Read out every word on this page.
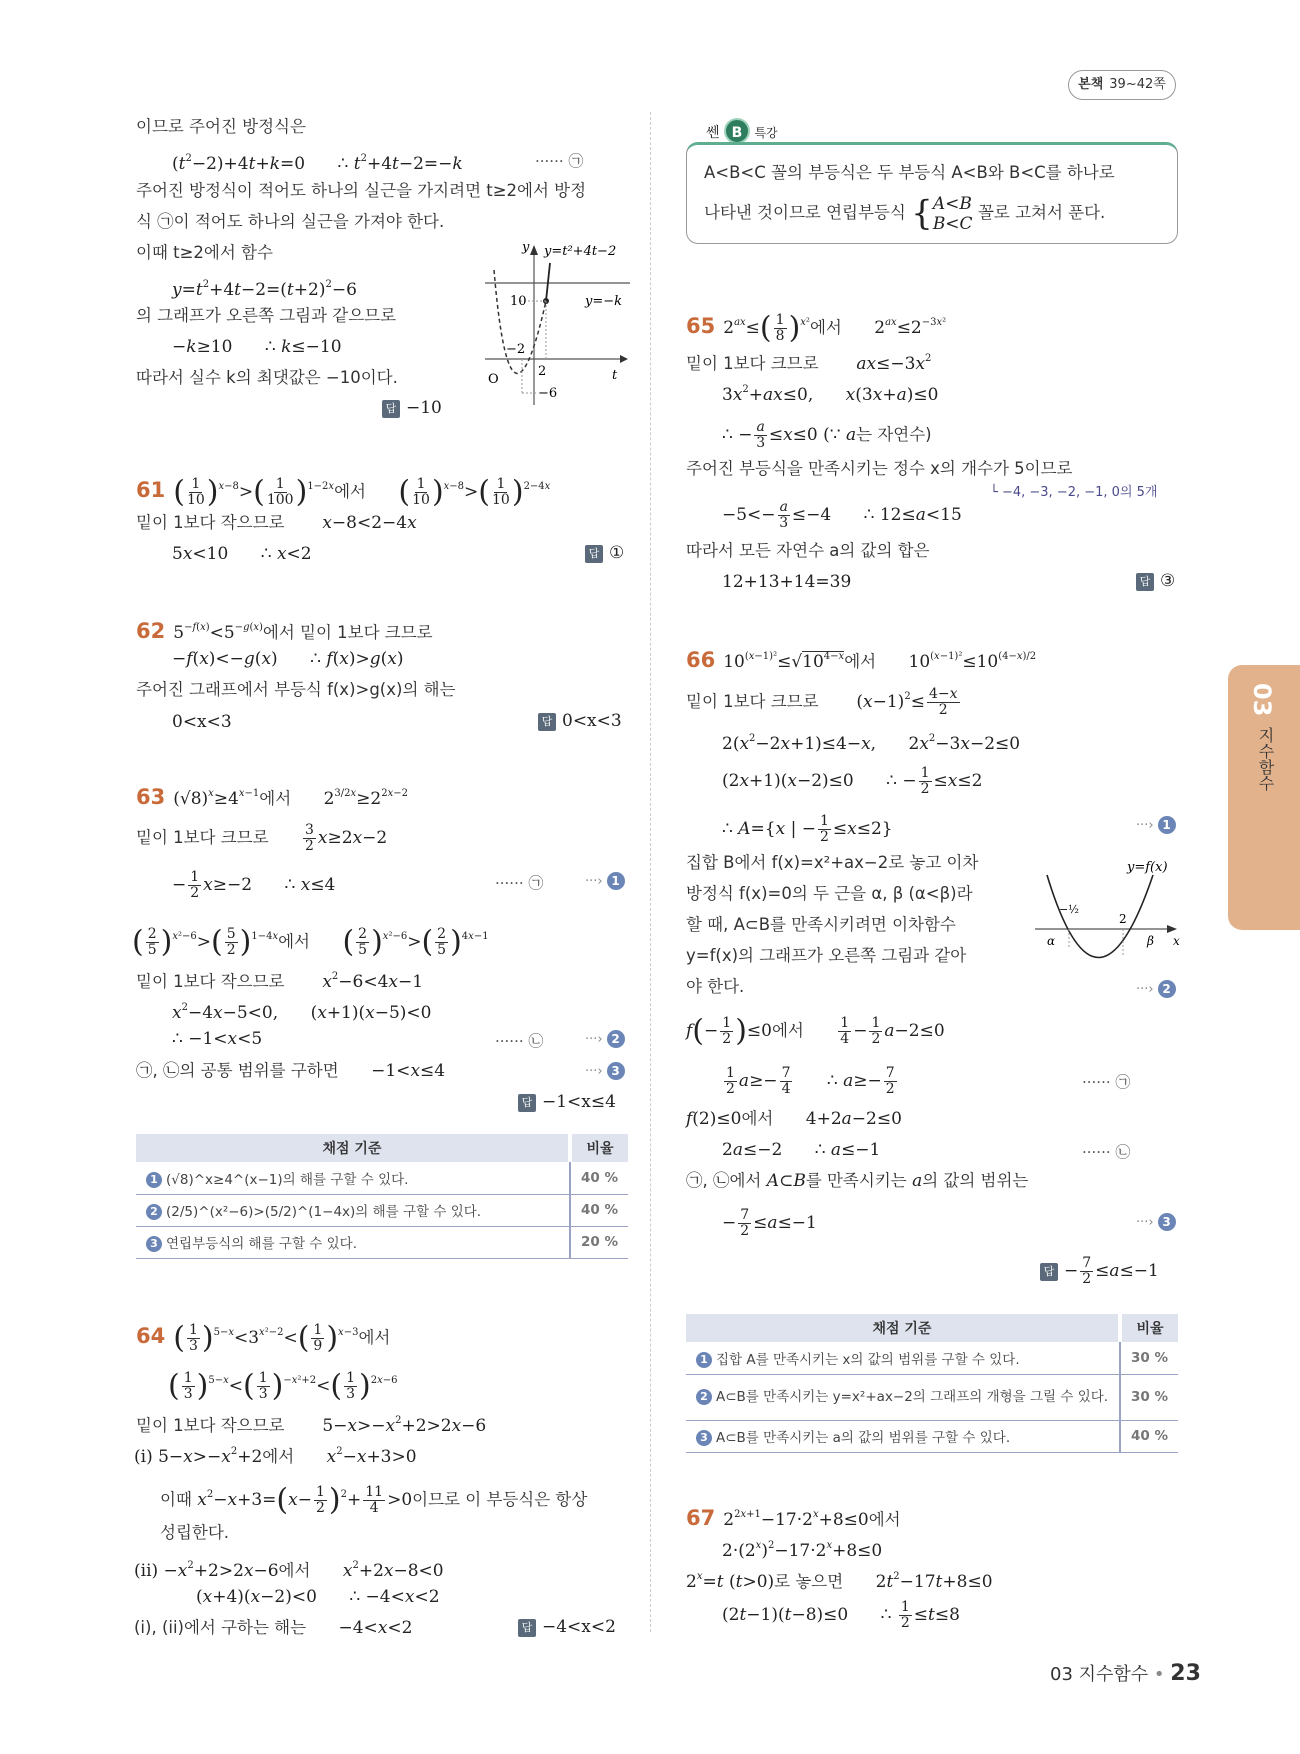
본책 39~42쪽
이므로 주어진 방정식은
$(t^2-2)+4t+k=0$      ∴ $t^2+4t-2=-k$	······ ㉠
주어진 방정식이 적어도 하나의 실근을 가지려면 t≥2에서 방정
식 ㉠이 적어도 하나의 실근을 가져야 한다.
이때 t≥2에서 함수
$y=t^2+4t-2=(t+2)^2-6$
의 그래프가 오른쪽 그림과 같으므로
−k≥10      ∴ k≤−10
따라서 실수 k의 최댓값은 −10이다.
답 −10
y y=t²+4t−2
10	y=−k
−2
2	t
O
−6
61 ( $\frac{1}{10} )^{x-8}>( \frac{1}{100} )^{1-2x}$에서 ( $\frac{1}{10} )^{x-8}>( \frac{1}{10} )^{2-4x}$
밑이 1보다 작으므로 x−8<2−4x
5x<10      ∴ x<2	답 ①
62 $5^{-f(x)}<5^{-g(x)}$에서 밑이 1보다 크므로
−f(x)<−g(x)      ∴ f(x)>g(x)
주어진 그래프에서 부등식 f(x)>g(x)의 해는
0<x<3	답 0<x<3
63 $(√8)^x\ge 4^{x-1}$에서      $2^{3/2x}\ge 2^{2x-2}$
밑이 1보다 크므로 $\frac{3}{2} x\ge 2x-2$
− $\frac{1}{2} x\ge-2$      ∴ x≤4	······ ㉠	···› 1
( $\frac{2}{5} )^{x^2-6}>( \frac{5}{2} )^{1-4x}$에서 ( $\frac{2}{5} )^{x^2-6}>( \frac{2}{5} )^{4x-1}$
밑이 1보다 작으므로 $x^2-6<4x-1$
$x^2-4x-5<0$,      (x+1)(x−5)<0
∴ −1<x<5	······ ㉡	···› 2
㉠, ㉡의 공통 범위를 구하면 −1<x≤4	···› 3
답 −1<x≤4
채점 기준	비율
1 (√8)^x≥4^(x−1)의 해를 구할 수 있다.	40 %
2 (2/5)^(x²−6)>(5/2)^(1−4x)의 해를 구할 수 있다.	40 %
3 연립부등식의 해를 구할 수 있다.	20 %
64 ( $\frac{1}{3} )^{5-x}<3^{x^2-2}<( \frac{1}{9} )^{x-3}$에서
( $\frac{1}{3} )^{5-x}<( \frac{1}{3} )^{-x^2+2}<( \frac{1}{3} )^{2x-6}$
밑이 1보다 작으므로 $5-x>-x^2+2>2x-6$
(i) $5-x>-x^2+2$에서 $x^2-x+3>0$
이때 $x^2-x+3=(x- \frac{1}{2} )^2+ \frac{11}{4} >0$이므로 이 부등식은 항상
성립한다.
$(ii) -x^2+2>2x-6$에서 $x^2+2x-8<0$
(x+4)(x−2)<0      ∴ −4<x<2
(i), (ii)에서 구하는 해는 −4<x<2	답 −4<x<2
쎈 B 특강
A<B<C 꼴의 부등식은 두 부등식 A<B와 B<C를 하나로
나타낸 것이므로 연립부등식 { A<B
B<C
꼴로 고쳐서 푼다.
65 $2^{ax}\le( \frac{1}{8} )^{x^2}$에서      $2^{ax}\le 2^{-3x^2}$
밑이 1보다 크므로 $ax\le-3x^2$
$3x^2+ax\le 0$,      x(3x+a)≤0
∴ − $\frac{a}{3} \le x\le 0$ (∵ a는 자연수)
주어진 부등식을 만족시키는 정수 x의 개수가 5이므로
└ −4, −3, −2, −1, 0의 5개
$-5<- \frac{a}{3} \le-4$      ∴ 12≤a<15
따라서 모든 자연수 a의 값의 합은
12+13+14=39	답 ③
66 $10^{(x-1)^2}\le√10^{4-x}$에서      $10^{(x-1)^2}\le 10^{(4-x)/2}$
밑이 1보다 크므로 $(x-1)^2\le \frac{4-x}{2}$
$2(x^2-2x+1)\le 4-x$,      $2x^2-3x-2\le 0$
(2x+1)(x−2)≤0      ∴ − $\frac{1}{2} \le x\le 2$
∴ A={x | − $\frac{1}{2} \le x\le 2$}	···› 1
집합 B에서 f(x)=x²+ax−2로 놓고 이차
방정식 f(x)=0의 두 근을 α, β (α<β)라
할 때, A⊂B를 만족시키려면 이차함수
y=f(x)의 그래프가 오른쪽 그림과 같아
야 한다.	···› 2
y=f(x)
−½
2
α	β x
$f(- \frac{1}{2} )\le 0$에서 $\frac{1}{4} - \frac{1}{2} a-2\le 0$
$\frac{1}{2} a\ge- \frac{7}{4}$ ∴ $a\ge- \frac{7}{2}$	······ ㉠
f(2)≤0에서 4+2a−2≤0
2a≤−2      ∴ a≤−1	······ ㉡
㉠, ㉡에서 A⊂B를 만족시키는 a의 값의 범위는
− $\frac{7}{2} \le a\le-1$	···› 3
답 − $\frac{7}{2} \le a\le-1$
채점 기준	비율
1 집합 A를 만족시키는 x의 값의 범위를 구할 수 있다.	30 %
2 A⊂B를 만족시키는 y=x²+ax−2의 그래프의 개형을 그릴 수 있다.	30 %
3 A⊂B를 만족시키는 a의 값의 범위를 구할 수 있다.	40 %
67 $2^{2x+1}-17\cdot 2^x+8\le 0$에서
$2\cdot(2^x)^2-17\cdot 2^x+8\le 0$
$2^x=t$ (t>0)로 놓으면 $2t^2-17t+8\le 0$
(2t−1)(t−8)≤0      ∴ $\frac{1}{2} \le t\le 8$
03
지수함수
03 지수함수 • 23
